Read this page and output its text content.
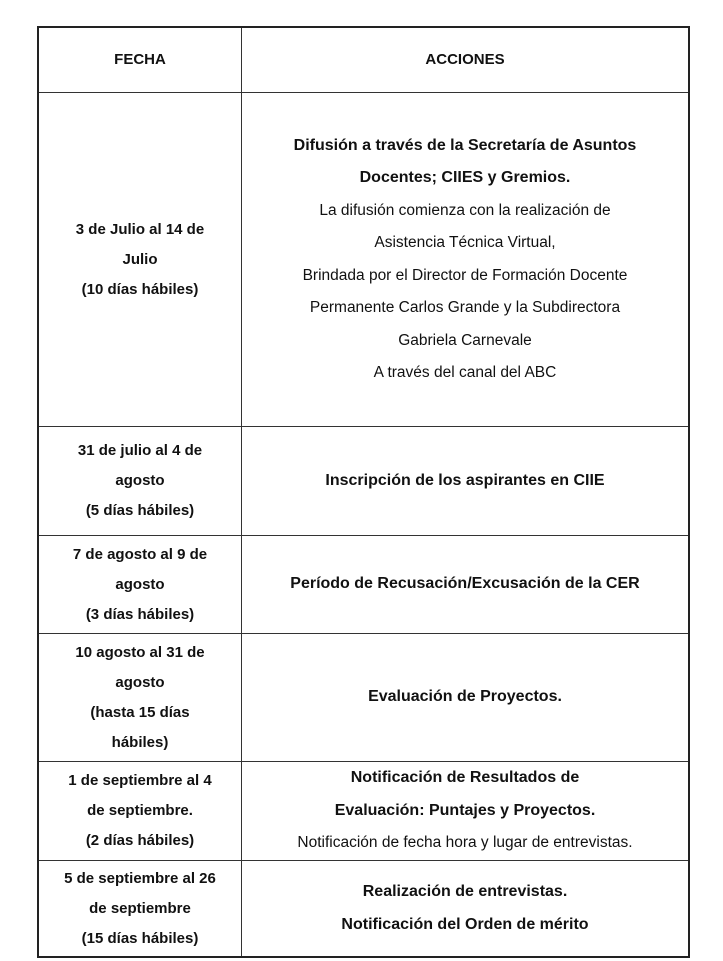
FECHA	ACCIONES
3 de Julio al 14 de
Julio
(10 días hábiles)
Difusión a través de la Secretaría de Asuntos
Docentes; CIIES y Gremios.
La difusión comienza con la realización de
Asistencia Técnica Virtual,
Brindada por el Director de Formación Docente
Permanente Carlos Grande y la Subdirectora
Gabriela Carnevale
A través del canal del ABC
31 de julio al 4 de
agosto
(5 días hábiles)
Inscripción de los aspirantes en CIIE
7 de agosto al 9 de
agosto
(3 días hábiles)
Período de Recusación/Excusación de la CER
10 agosto al 31 de
agosto
(hasta 15 días
hábiles)
Evaluación de Proyectos.
1 de septiembre al 4
de septiembre.
(2 días hábiles)
Notificación de Resultados de
Evaluación: Puntajes y Proyectos.
Notificación de fecha hora y lugar de entrevistas.
5 de septiembre al 26
de septiembre
(15 días hábiles)
Realización de entrevistas.
Notificación del Orden de mérito
